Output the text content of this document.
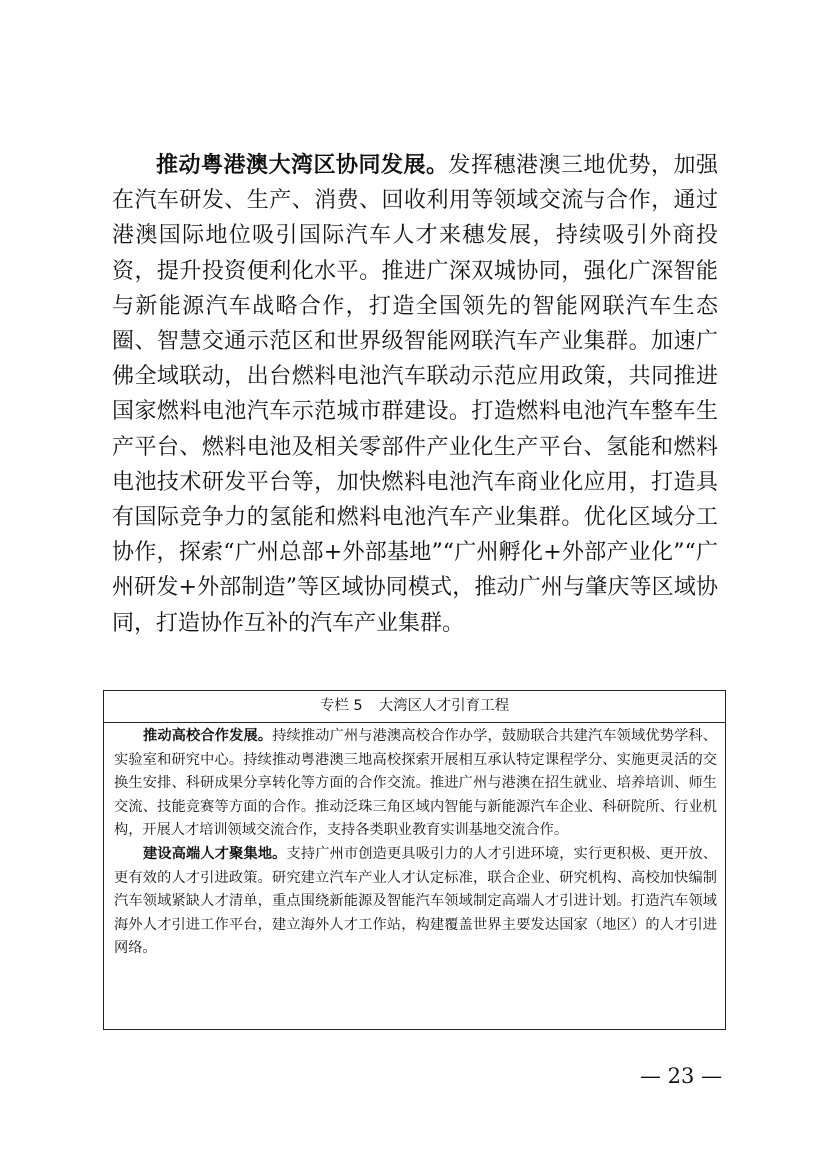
推动粤港澳大湾区协同发展。发挥穗港澳三地优势，加强在汽车研发、生产、消费、回收利用等领域交流与合作，通过港澳国际地位吸引国际汽车人才来穗发展，持续吸引外商投资，提升投资便利化水平。推进广深双城协同，强化广深智能与新能源汽车战略合作，打造全国领先的智能网联汽车生态圈、智慧交通示范区和世界级智能网联汽车产业集群。加速广佛全域联动，出台燃料电池汽车联动示范应用政策，共同推进国家燃料电池汽车示范城市群建设。打造燃料电池汽车整车生产平台、燃料电池及相关零部件产业化生产平台、氢能和燃料电池技术研发平台等，加快燃料电池汽车商业化应用，打造具有国际竞争力的氢能和燃料电池汽车产业集群。优化区域分工协作，探索“广州总部+外部基地”“广州孵化+外部产业化”“广州研发+外部制造”等区域协同模式，推动广州与肇庆等区域协同，打造协作互补的汽车产业集群。

专栏 5 大湾区人才引育工程

推动高校合作发展。持续推动广州与港澳高校合作办学，鼓励联合共建汽车领域优势学科、实验室和研究中心。持续推动粤港澳三地高校探索开展相互承认特定课程学分、实施更灵活的交换生安排、科研成果分享转化等方面的合作交流。推进广州与港澳在招生就业、培养培训、师生交流、技能竞赛等方面的合作。推动泛珠三角区域内智能与新能源汽车企业、科研院所、行业机构，开展人才培训领域交流合作，支持各类职业教育实训基地交流合作。

建设高端人才聚集地。支持广州市创造更具吸引力的人才引进环境，实行更积极、更开放、更有效的人才引进政策。研究建立汽车产业人才认定标准，联合企业、研究机构、高校加快编制汽车领域紧缺人才清单，重点围绕新能源及智能汽车领域制定高端人才引进计划。打造汽车领域海外人才引进工作平台，建立海外人才工作站，构建覆盖世界主要发达国家（地区）的人才引进网络。

— 23 —
